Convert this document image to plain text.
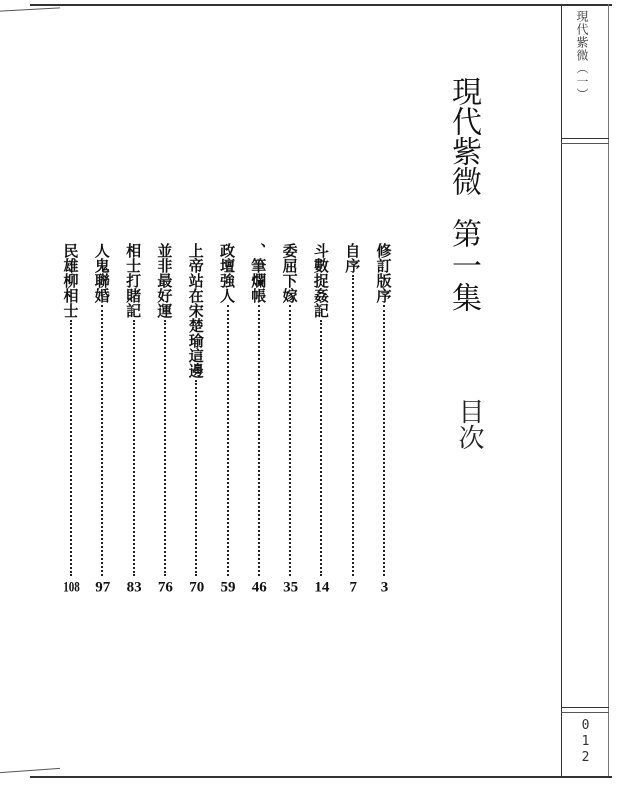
現代紫微（一）
012
現代紫微
第一集
目次
修訂版序
3
自序
7
斗數捉姦記
14
委屈下嫁
35
、筆爛帳
46
政壇強人
59
上帝站在宋楚瑜這邊
70
並非最好運
76
相士打賭記
83
人鬼聯婚
97
民雄柳相士
108
